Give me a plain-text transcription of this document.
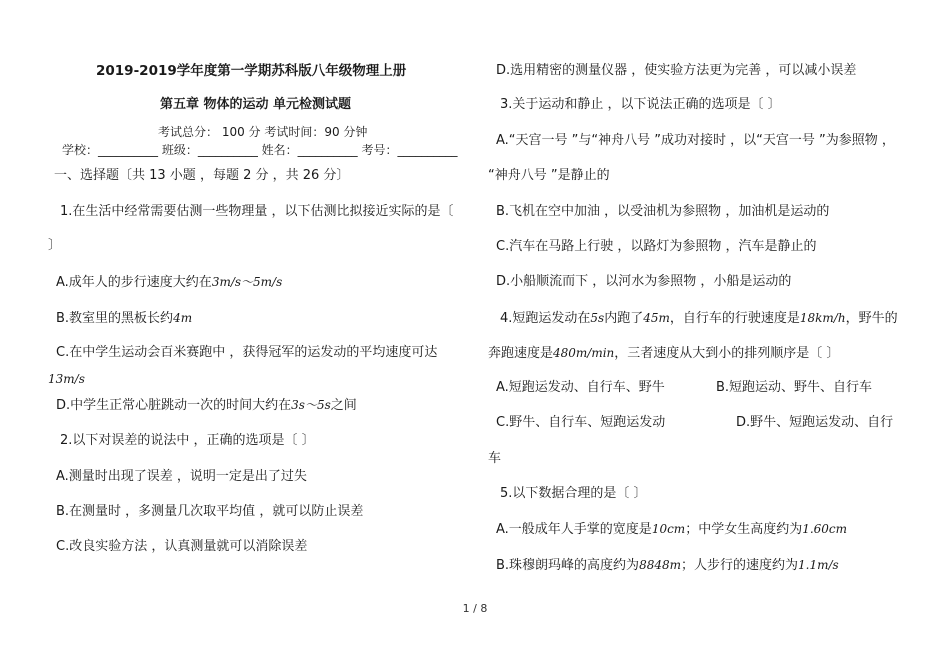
2019-2019学年度第一学期苏科版八年级物理上册
第五章 物体的运动 单元检测试题
考试总分： 100 分 考试时间：90 分钟
学校：__________ 班级：__________ 姓名：__________ 考号：__________
一、选择题〔共 13 小题 ，每题 2 分 ，共 26 分〕
1.在生活中经常需要估测一些物理量 ，以下估测比拟接近实际的是〔
〕
A.成年人的步行速度大约在3m/s～5m/s
B.教室里的黑板长约4m
C.在中学生运动会百米赛跑中 ，获得冠军的运发动的平均速度可达
13m/s
D.中学生正常心脏跳动一次的时间大约在3s～5s之间
2.以下对误差的说法中 ，正确的选项是〔 〕
A.测量时出现了误差 ，说明一定是出了过失
B.在测量时 ，多测量几次取平均值 ，就可以防止误差
C.改良实验方法 ，认真测量就可以消除误差
D.选用精密的测量仪器 ，使实验方法更为完善 ，可以减小误差
3.关于运动和静止 ，以下说法正确的选项是〔 〕
A.“天宫一号 ”与“神舟八号 ”成功对接时 ，以“天宫一号 ”为参照物 ，
“神舟八号 ”是静止的
B.飞机在空中加油 ，以受油机为参照物 ，加油机是运动的
C.汽车在马路上行驶 ，以路灯为参照物 ，汽车是静止的
D.小船顺流而下 ，以河水为参照物 ，小船是运动的
4.短跑运发动在5s内跑了45m，自行车的行驶速度是18km/h，野牛的
奔跑速度是480m/min，三者速度从大到小的排列顺序是〔 〕
A.短跑运发动、自行车、野牛	B.短跑运动、野牛、自行车
C.野牛、自行车、短跑运发动	D.野牛、短跑运发动、自行
车
5.以下数据合理的是〔 〕
A.一般成年人手掌的宽度是10cm；中学女生高度约为1.60cm
B.珠穆朗玛峰的高度约为8848m；人步行的速度约为1.1m/s
1 / 8
